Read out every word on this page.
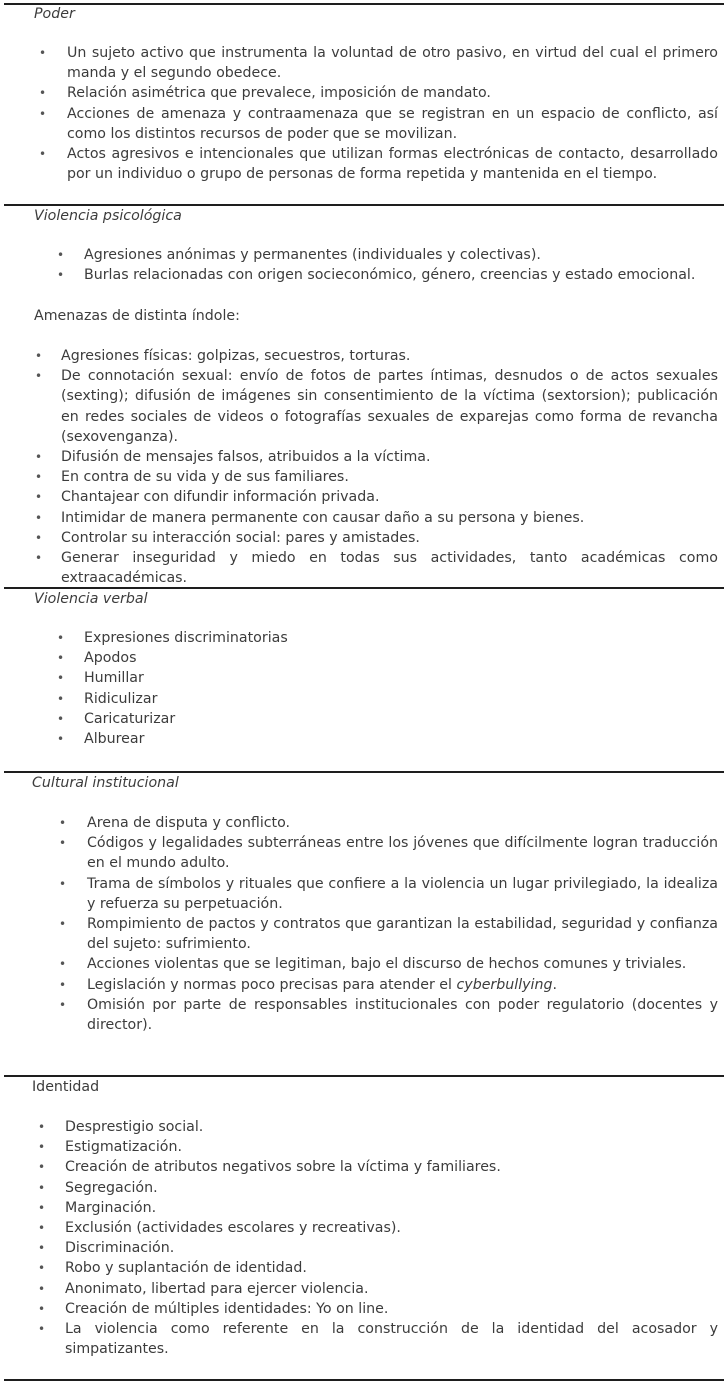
Poder
• Un sujeto activo que instrumenta la voluntad de otro pasivo, en virtud del cual el primero manda y el segundo obedece.
• Relación asimétrica que prevalece, imposición de mandato.
• Acciones de amenaza y contraamenaza que se registran en un espacio de conflicto, así como los distintos recursos de poder que se movilizan.
• Actos agresivos e intencionales que utilizan formas electrónicas de contacto, desarrollado por un individuo o grupo de personas de forma repetida y mantenida en el tiempo.
Violencia psicológica
• Agresiones anónimas y permanentes (individuales y colectivas).
• Burlas relacionadas con origen socieconómico, género, creencias y estado emocional.
Amenazas de distinta índole:
• Agresiones físicas: golpizas, secuestros, torturas.
• De connotación sexual: envío de fotos de partes íntimas, desnudos o de actos sexuales (sexting); difusión de imágenes sin consentimiento de la víctima (sextorsion); publicación en redes sociales de videos o fotografías sexuales de exparejas como forma de revancha (sexovenganza).
• Difusión de mensajes falsos, atribuidos a la víctima.
• En contra de su vida y de sus familiares.
• Chantajear con difundir información privada.
• Intimidar de manera permanente con causar daño a su persona y bienes.
• Controlar su interacción social: pares y amistades.
• Generar inseguridad y miedo en todas sus actividades, tanto académicas como extraacadémicas.
Violencia verbal
• Expresiones discriminatorias
• Apodos
• Humillar
• Ridiculizar
• Caricaturizar
• Alburear
Cultural institucional
• Arena de disputa y conflicto.
• Códigos y legalidades subterráneas entre los jóvenes que difícilmente logran traducción en el mundo adulto.
• Trama de símbolos y rituales que confiere a la violencia un lugar privilegiado, la idealiza y refuerza su perpetuación.
• Rompimiento de pactos y contratos que garantizan la estabilidad, seguridad y confianza del sujeto: sufrimiento.
• Acciones violentas que se legitiman, bajo el discurso de hechos comunes y triviales.
• Legislación y normas poco precisas para atender el cyberbullying.
• Omisión por parte de responsables institucionales con poder regulatorio (docentes y director).
Identidad
• Desprestigio social.
• Estigmatización.
• Creación de atributos negativos sobre la víctima y familiares.
• Segregación.
• Marginación.
• Exclusión (actividades escolares y recreativas).
• Discriminación.
• Robo y suplantación de identidad.
• Anonimato, libertad para ejercer violencia.
• Creación de múltiples identidades: Yo on line.
• La violencia como referente en la construcción de la identidad del acosador y simpatizantes.
